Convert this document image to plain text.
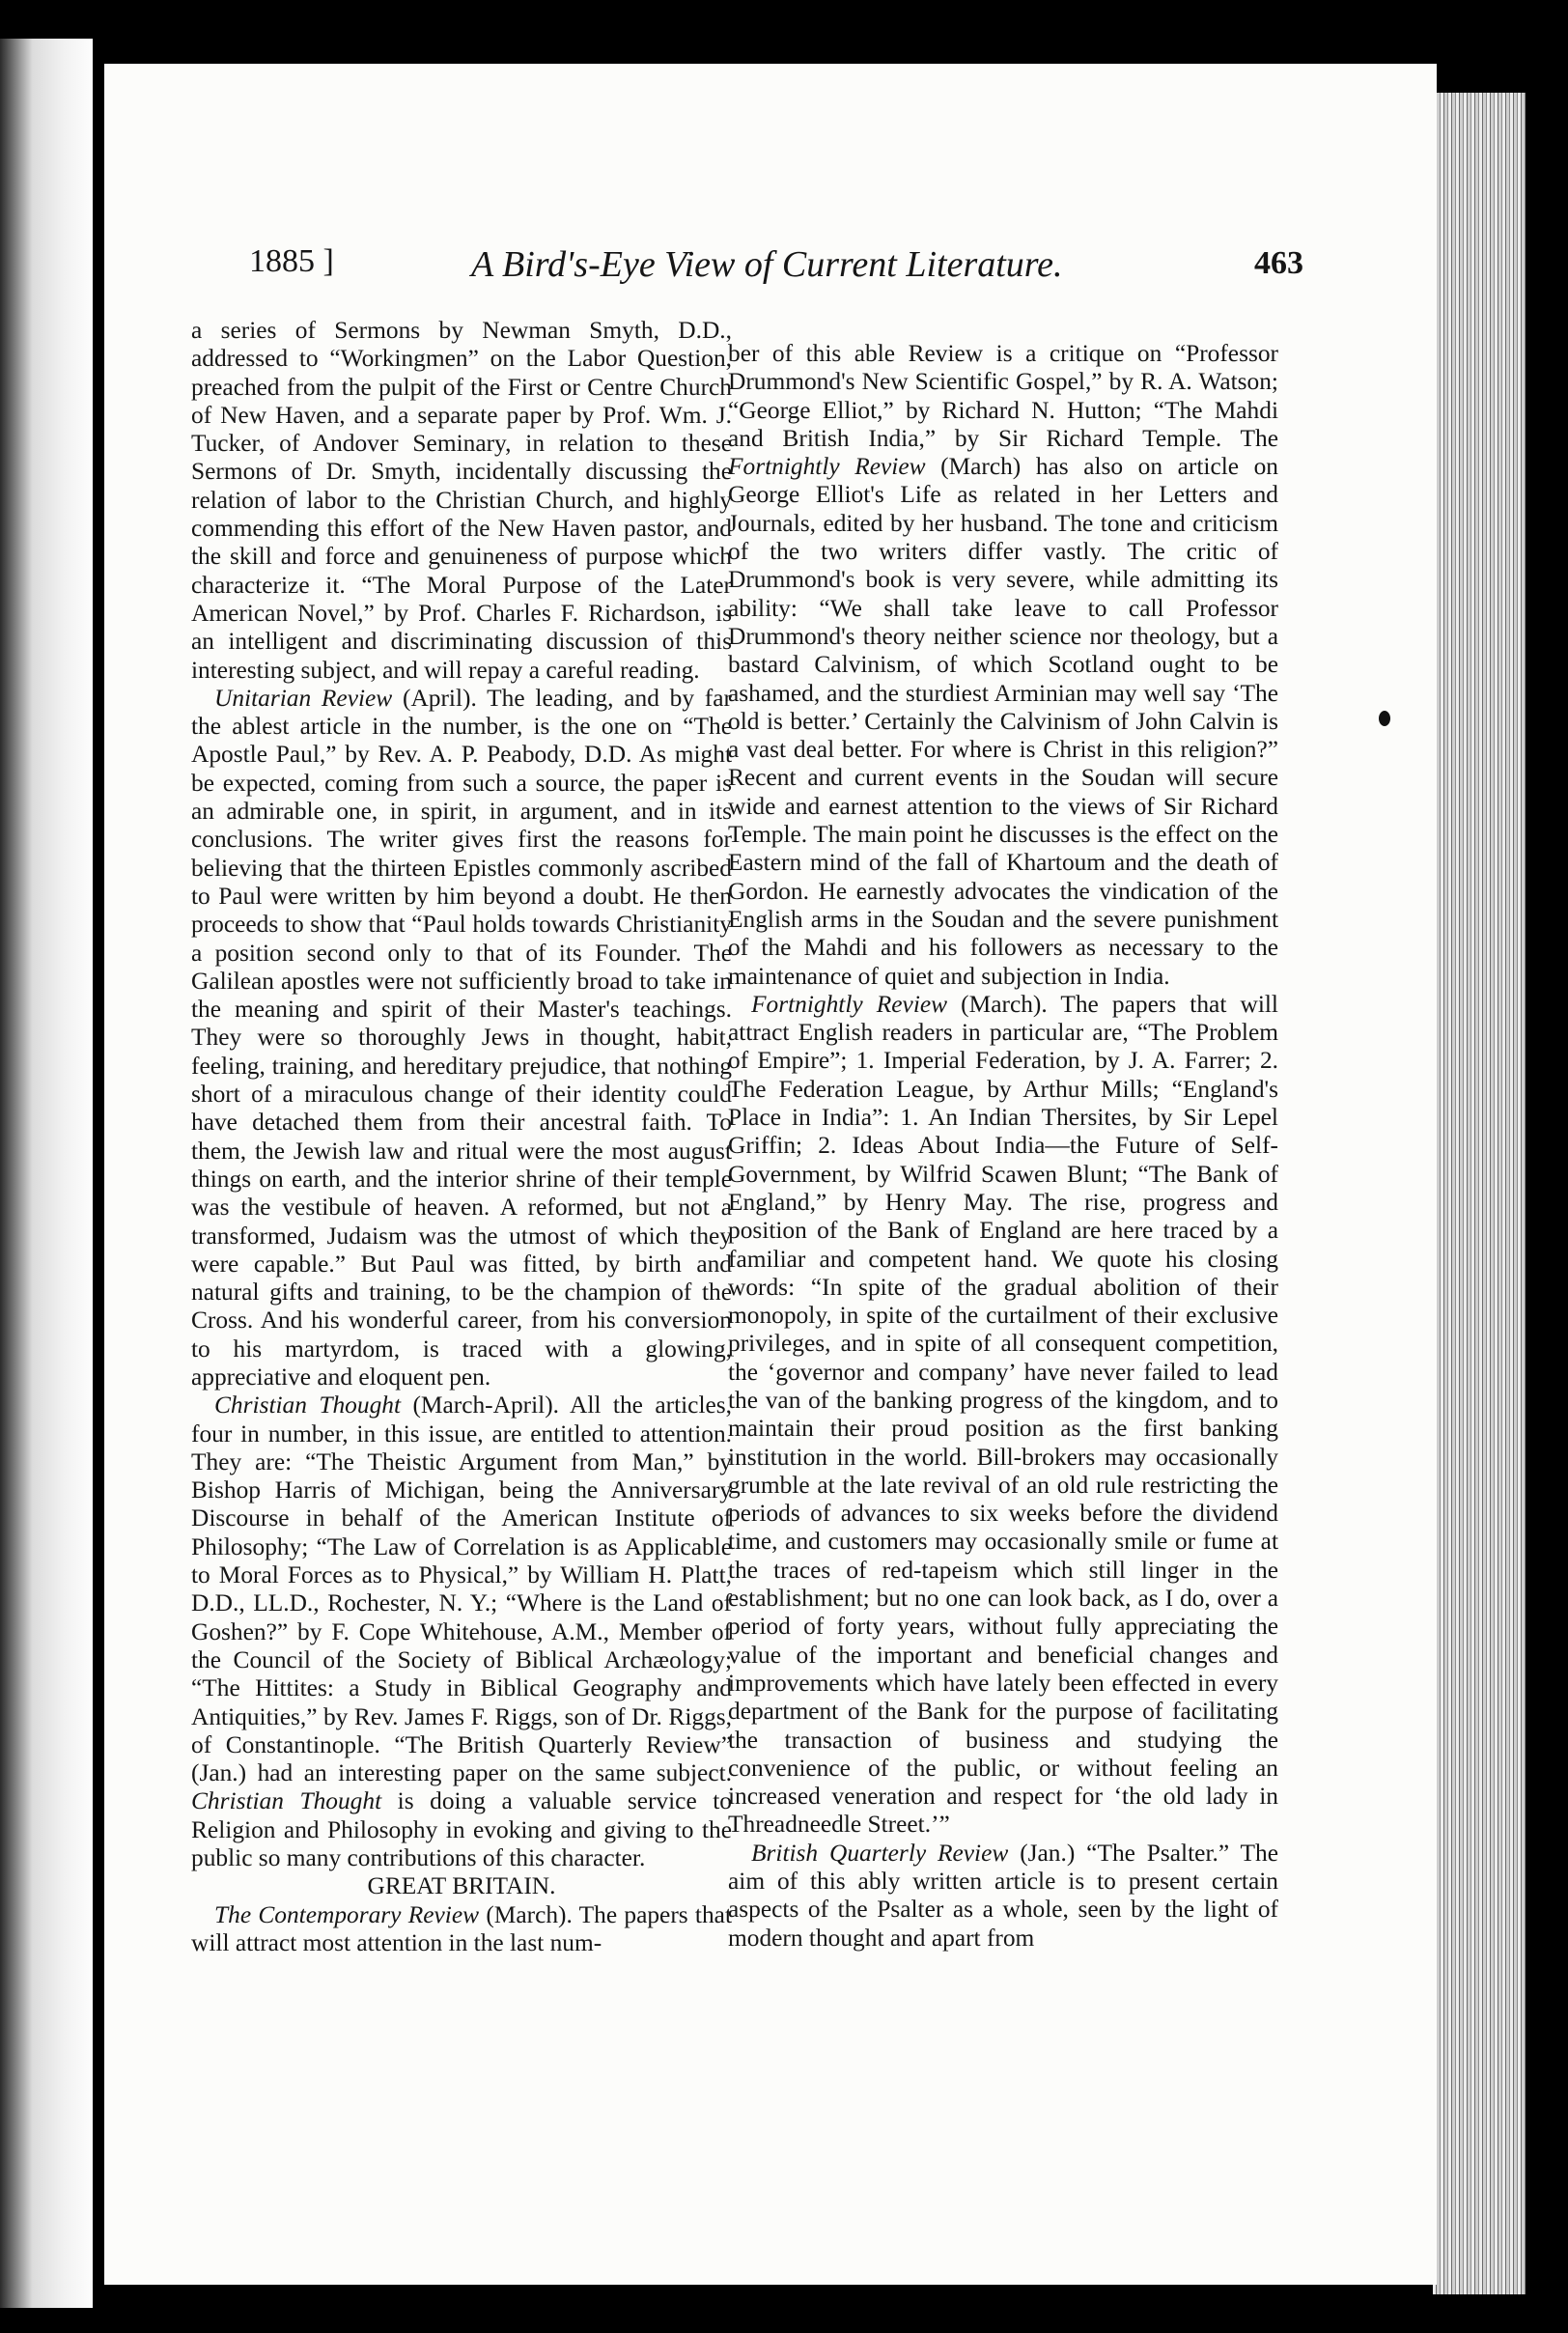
1885 ]	A Bird's-Eye View of Current Literature.	463

a series of Sermons by Newman Smyth, D.D., addressed to “Workingmen” on the Labor Question, preached from the pulpit of the First or Centre Church of New Haven, and a separate paper by Prof. Wm. J. Tucker, of Andover Seminary, in relation to these Sermons of Dr. Smyth, incidentally discussing the relation of labor to the Christian Church, and highly commending this effort of the New Haven pastor, and the skill and force and genuineness of purpose which characterize it. “The Moral Purpose of the Later American Novel,” by Prof. Charles F. Richardson, is an intelligent and discriminating discussion of this interesting subject, and will repay a careful reading.

Unitarian Review (April). The leading, and by far the ablest article in the number, is the one on “The Apostle Paul,” by Rev. A. P. Peabody, D.D. As might be expected, coming from such a source, the paper is an admirable one, in spirit, in argument, and in its conclusions. The writer gives first the reasons for believing that the thirteen Epistles commonly ascribed to Paul were written by him beyond a doubt. He then proceeds to show that “Paul holds towards Christianity a position second only to that of its Founder. The Galilean apostles were not sufficiently broad to take in the meaning and spirit of their Master's teachings. They were so thoroughly Jews in thought, habit, feeling, training, and hereditary prejudice, that nothing short of a miraculous change of their identity could have detached them from their ancestral faith. To them, the Jewish law and ritual were the most august things on earth, and the interior shrine of their temple was the vestibule of heaven. A reformed, but not a transformed, Judaism was the utmost of which they were capable.” But Paul was fitted, by birth and natural gifts and training, to be the champion of the Cross. And his wonderful career, from his conversion to his martyrdom, is traced with a glowing, appreciative and eloquent pen.

Christian Thought (March-April). All the articles, four in number, in this issue, are entitled to attention. They are: “The Theistic Argument from Man,” by Bishop Harris of Michigan, being the Anniversary Discourse in behalf of the American Institute of Philosophy; “The Law of Correlation is as Applicable to Moral Forces as to Physical,” by William H. Platt, D.D., LL.D., Rochester, N. Y.; “Where is the Land of Goshen?” by F. Cope Whitehouse, A.M., Member of the Council of the Society of Biblical Archæology; “The Hittites: a Study in Biblical Geography and Antiquities,” by Rev. James F. Riggs, son of Dr. Riggs, of Constantinople. “The British Quarterly Review” (Jan.) had an interesting paper on the same subject. Christian Thought is doing a valuable service to Religion and Philosophy in evoking and giving to the public so many contributions of this character.

GREAT BRITAIN.

The Contemporary Review (March). The papers that will attract most attention in the last num-

ber of this able Review is a critique on “Professor Drummond's New Scientific Gospel,” by R. A. Watson; “George Elliot,” by Richard N. Hutton; “The Mahdi and British India,” by Sir Richard Temple. The Fortnightly Review (March) has also on article on George Elliot's Life as related in her Letters and Journals, edited by her husband. The tone and criticism of the two writers differ vastly. The critic of Drummond's book is very severe, while admitting its ability: “We shall take leave to call Professor Drummond's theory neither science nor theology, but a bastard Calvinism, of which Scotland ought to be ashamed, and the sturdiest Arminian may well say ‘The old is better.’ Certainly the Calvinism of John Calvin is a vast deal better. For where is Christ in this religion?” Recent and current events in the Soudan will secure wide and earnest attention to the views of Sir Richard Temple. The main point he discusses is the effect on the Eastern mind of the fall of Khartoum and the death of Gordon. He earnestly advocates the vindication of the English arms in the Soudan and the severe punishment of the Mahdi and his followers as necessary to the maintenance of quiet and subjection in India.

Fortnightly Review (March). The papers that will attract English readers in particular are, “The Problem of Empire”; 1. Imperial Federation, by J. A. Farrer; 2. The Federation League, by Arthur Mills; “England's Place in India”: 1. An Indian Thersites, by Sir Lepel Griffin; 2. Ideas About India—the Future of Self-Government, by Wilfrid Scawen Blunt; “The Bank of England,” by Henry May. The rise, progress and position of the Bank of England are here traced by a familiar and competent hand. We quote his closing words: “In spite of the gradual abolition of their monopoly, in spite of the curtailment of their exclusive privileges, and in spite of all consequent competition, the ‘governor and company’ have never failed to lead the van of the banking progress of the kingdom, and to maintain their proud position as the first banking institution in the world. Bill-brokers may occasionally grumble at the late revival of an old rule restricting the periods of advances to six weeks before the dividend time, and customers may occasionally smile or fume at the traces of red-tapeism which still linger in the establishment; but no one can look back, as I do, over a period of forty years, without fully appreciating the value of the important and beneficial changes and improvements which have lately been effected in every department of the Bank for the purpose of facilitating the transaction of business and studying the convenience of the public, or without feeling an increased veneration and respect for ‘the old lady in Threadneedle Street.’”

British Quarterly Review (Jan.) “The Psalter.” The aim of this ably written article is to present certain aspects of the Psalter as a whole, seen by the light of modern thought and apart from
